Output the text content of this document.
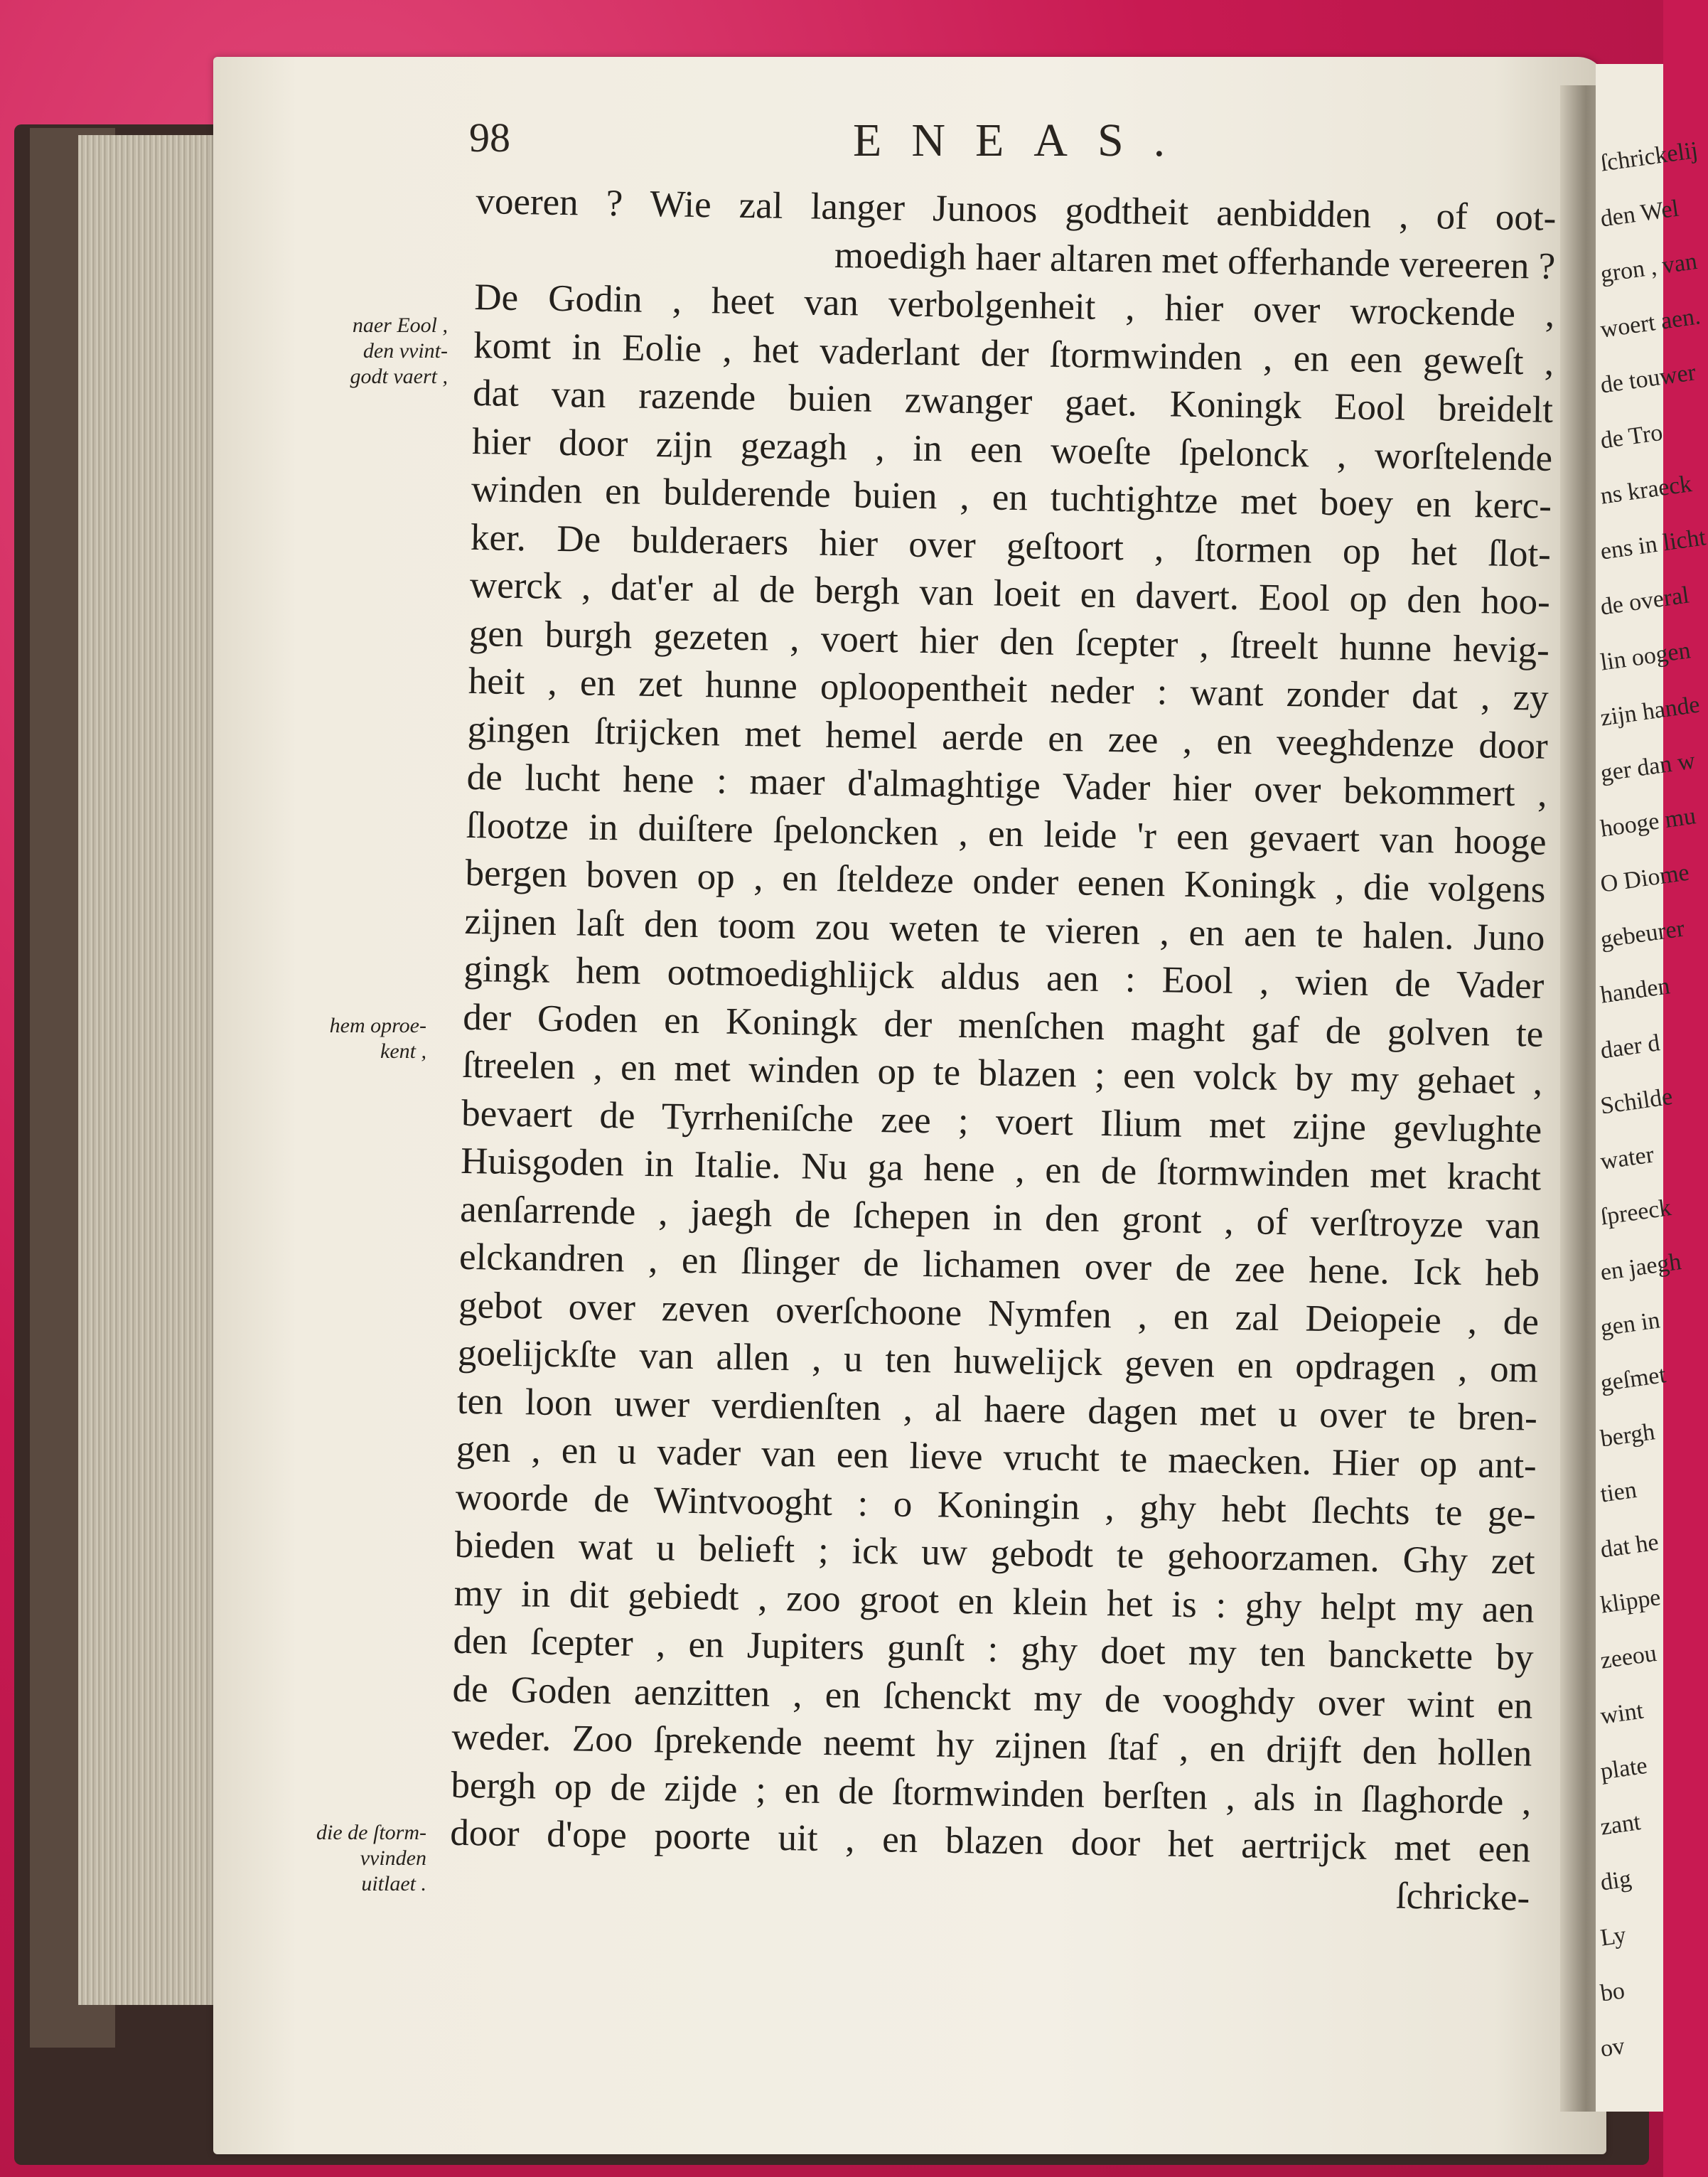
ſchrickelij
den Wel
gron , van
woert aen.
de touwer
de Tro
ns kraeck
ens in licht
de overal
lin oogen
zijn hande
ger dan w
hooge mu
O Diome
gebeurer
handen
daer d
Schilde
water
ſpreeck
en jaegh
gen in
geſmet
bergh
tien
dat he
klippe
zeeou
wint
plate
zant
dig
Ly
bo
ov
98	ENEAS.
voeren ? Wie zal langer Junoos godtheit aenbidden , of oot-
moedigh haer altaren met offerhande vereeren ?
De Godin , heet van verbolgenheit , hier over wrockende ,
komt in Eolie , het vaderlant der ſtormwinden , en een geweſt ,
dat van razende buien zwanger gaet. Koningk Eool breidelt
hier door zijn gezagh , in een woeſte ſpelonck , worſtelende
winden en bulderende buien , en tuchtightze met boey en kerc-
ker. De bulderaers hier over geſtoort , ſtormen op het ſlot-
werck , dat'er al de bergh van loeit en davert. Eool op den hoo-
gen burgh gezeten , voert hier den ſcepter , ſtreelt hunne hevig-
heit , en zet hunne oploopentheit neder : want zonder dat , zy
gingen ſtrijcken met hemel aerde en zee , en veeghdenze door
de lucht hene : maer d'almaghtige Vader hier over bekommert ,
ſlootze in duiſtere ſpeloncken , en leide 'r een gevaert van hooge
bergen boven op , en ſteldeze onder eenen Koningk , die volgens
zijnen laſt den toom zou weten te vieren , en aen te halen. Juno
gingk hem ootmoedighlijck aldus aen : Eool , wien de Vader
der Goden en Koningk der menſchen maght gaf de golven te
ſtreelen , en met winden op te blazen ; een volck by my gehaet ,
bevaert de Tyrrheniſche zee ; voert Ilium met zijne gevlughte
Huisgoden in Italie. Nu ga hene , en de ſtormwinden met kracht
aenſarrende , jaegh de ſchepen in den gront , of verſtroyze van
elckandren , en ſlinger de lichamen over de zee hene. Ick heb
gebot over zeven overſchoone Nymfen , en zal Deiopeie , de
goelijckſte van allen , u ten huwelijck geven en opdragen , om
ten loon uwer verdienſten , al haere dagen met u over te bren-
gen , en u vader van een lieve vrucht te maecken. Hier op ant-
woorde de Wintvooght : o Koningin , ghy hebt ſlechts te ge-
bieden wat u belieft ; ick uw gebodt te gehoorzamen. Ghy zet
my in dit gebiedt , zoo groot en klein het is : ghy helpt my aen
den ſcepter , en Jupiters gunſt : ghy doet my ten banckette by
de Goden aenzitten , en ſchenckt my de vooghdy over wint en
weder. Zoo ſprekende neemt hy zijnen ſtaf , en drijft den hollen
bergh op de zijde ; en de ſtormwinden berſten , als in ſlaghorde ,
door d'ope poorte uit , en blazen door het aertrijck met een
ſchricke-
naer Eool ,
den vvint-
godt vaert ,
hem oproe-
kent ,
die de ſtorm-
vvinden
uitlaet .
